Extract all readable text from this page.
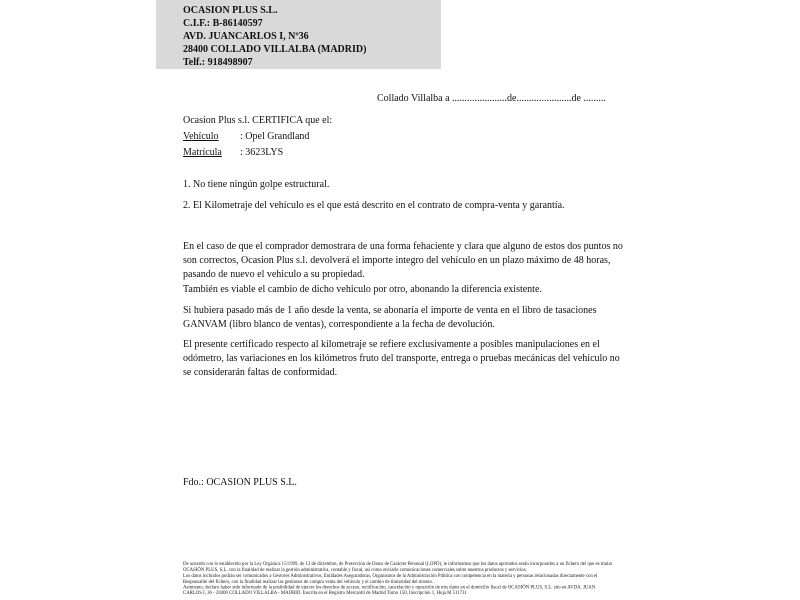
OCASION PLUS S.L.
C.I.F.: B-86140597
AVD. JUANCARLOS I, Nº36
28400 COLLADO VILLALBA (MADRID)
Telf.: 918498907
Collado Villalba a ......................de......................de .........
Ocasion Plus s.l. CERTIFICA que el:
Vehículo : Opel Grandland
Matrícula : 3623LYS
1. No tiene ningún golpe estructural.
2. El Kilometraje del vehículo es el que está descrito en el contrato de compra-venta y garantía.
En el caso de que el comprador demostrara de una forma fehaciente y clara que alguno de estos dos puntos no son correctos, Ocasion Plus s.l. devolverá el importe integro del vehículo en un plazo máximo de 48 horas, pasando de nuevo el vehiculo a su propiedad.
También es viable el cambio de dicho vehiculo por otro, abonando la diferencia existente.
Si hubiera pasado más de 1 año desde la venta, se abonaría el importe de venta en el libro de tasaciones GANVAM (libro blanco de ventas), correspondiente a la fecha de devolución.
El presente certificado respecto al kilometraje se refiere exclusivamente a posibles manipulaciones en el odómetro, las variaciones en los kilómetros fruto del transporte, entrega o pruebas mecánicas del vehículo no se considerarán faltas de conformidad.
Fdo.: OCASION PLUS S.L.
De acuerdo con lo establecido por la Ley Orgánica 15/1999, de 13 de diciembre, de Protección de Datos de Carácter Personal (LOPD), le informamos que los datos aportados serán incorporados a un fichero del que es titular
OCASIÓN PLUS, S.L. con la finalidad de realizar la gestión administrativa, contable y fiscal, así como enviarle comunicaciones comerciales sobre nuestros productos y servicios.
Los datos incluidos podrán ser comunicados a Gestores Administrativos, Entidades Aseguradoras, Organismos de la Administración Pública con competencia en la materia y personas relacionadas directamente con el
Responsable del fichero, con la finalidad realizar las gestiones de compra venta del vehículo y el cambio de titularidad del mismo.
Asimismo, declaro haber sido informado de la posibilidad de ejercer los derechos de acceso, rectificación, cancelación y oposición de mis datos en el domicilio fiscal de OCASIÓN PLUS, S.L. sito en AVDA. JUAN
CARLOS I, 36 - 28400 COLLADO VILLALBA - MADRID. Inscrita en el Registro Mercantil de Madrid Tomo 150, Inscripción 1, Hoja M 511731
